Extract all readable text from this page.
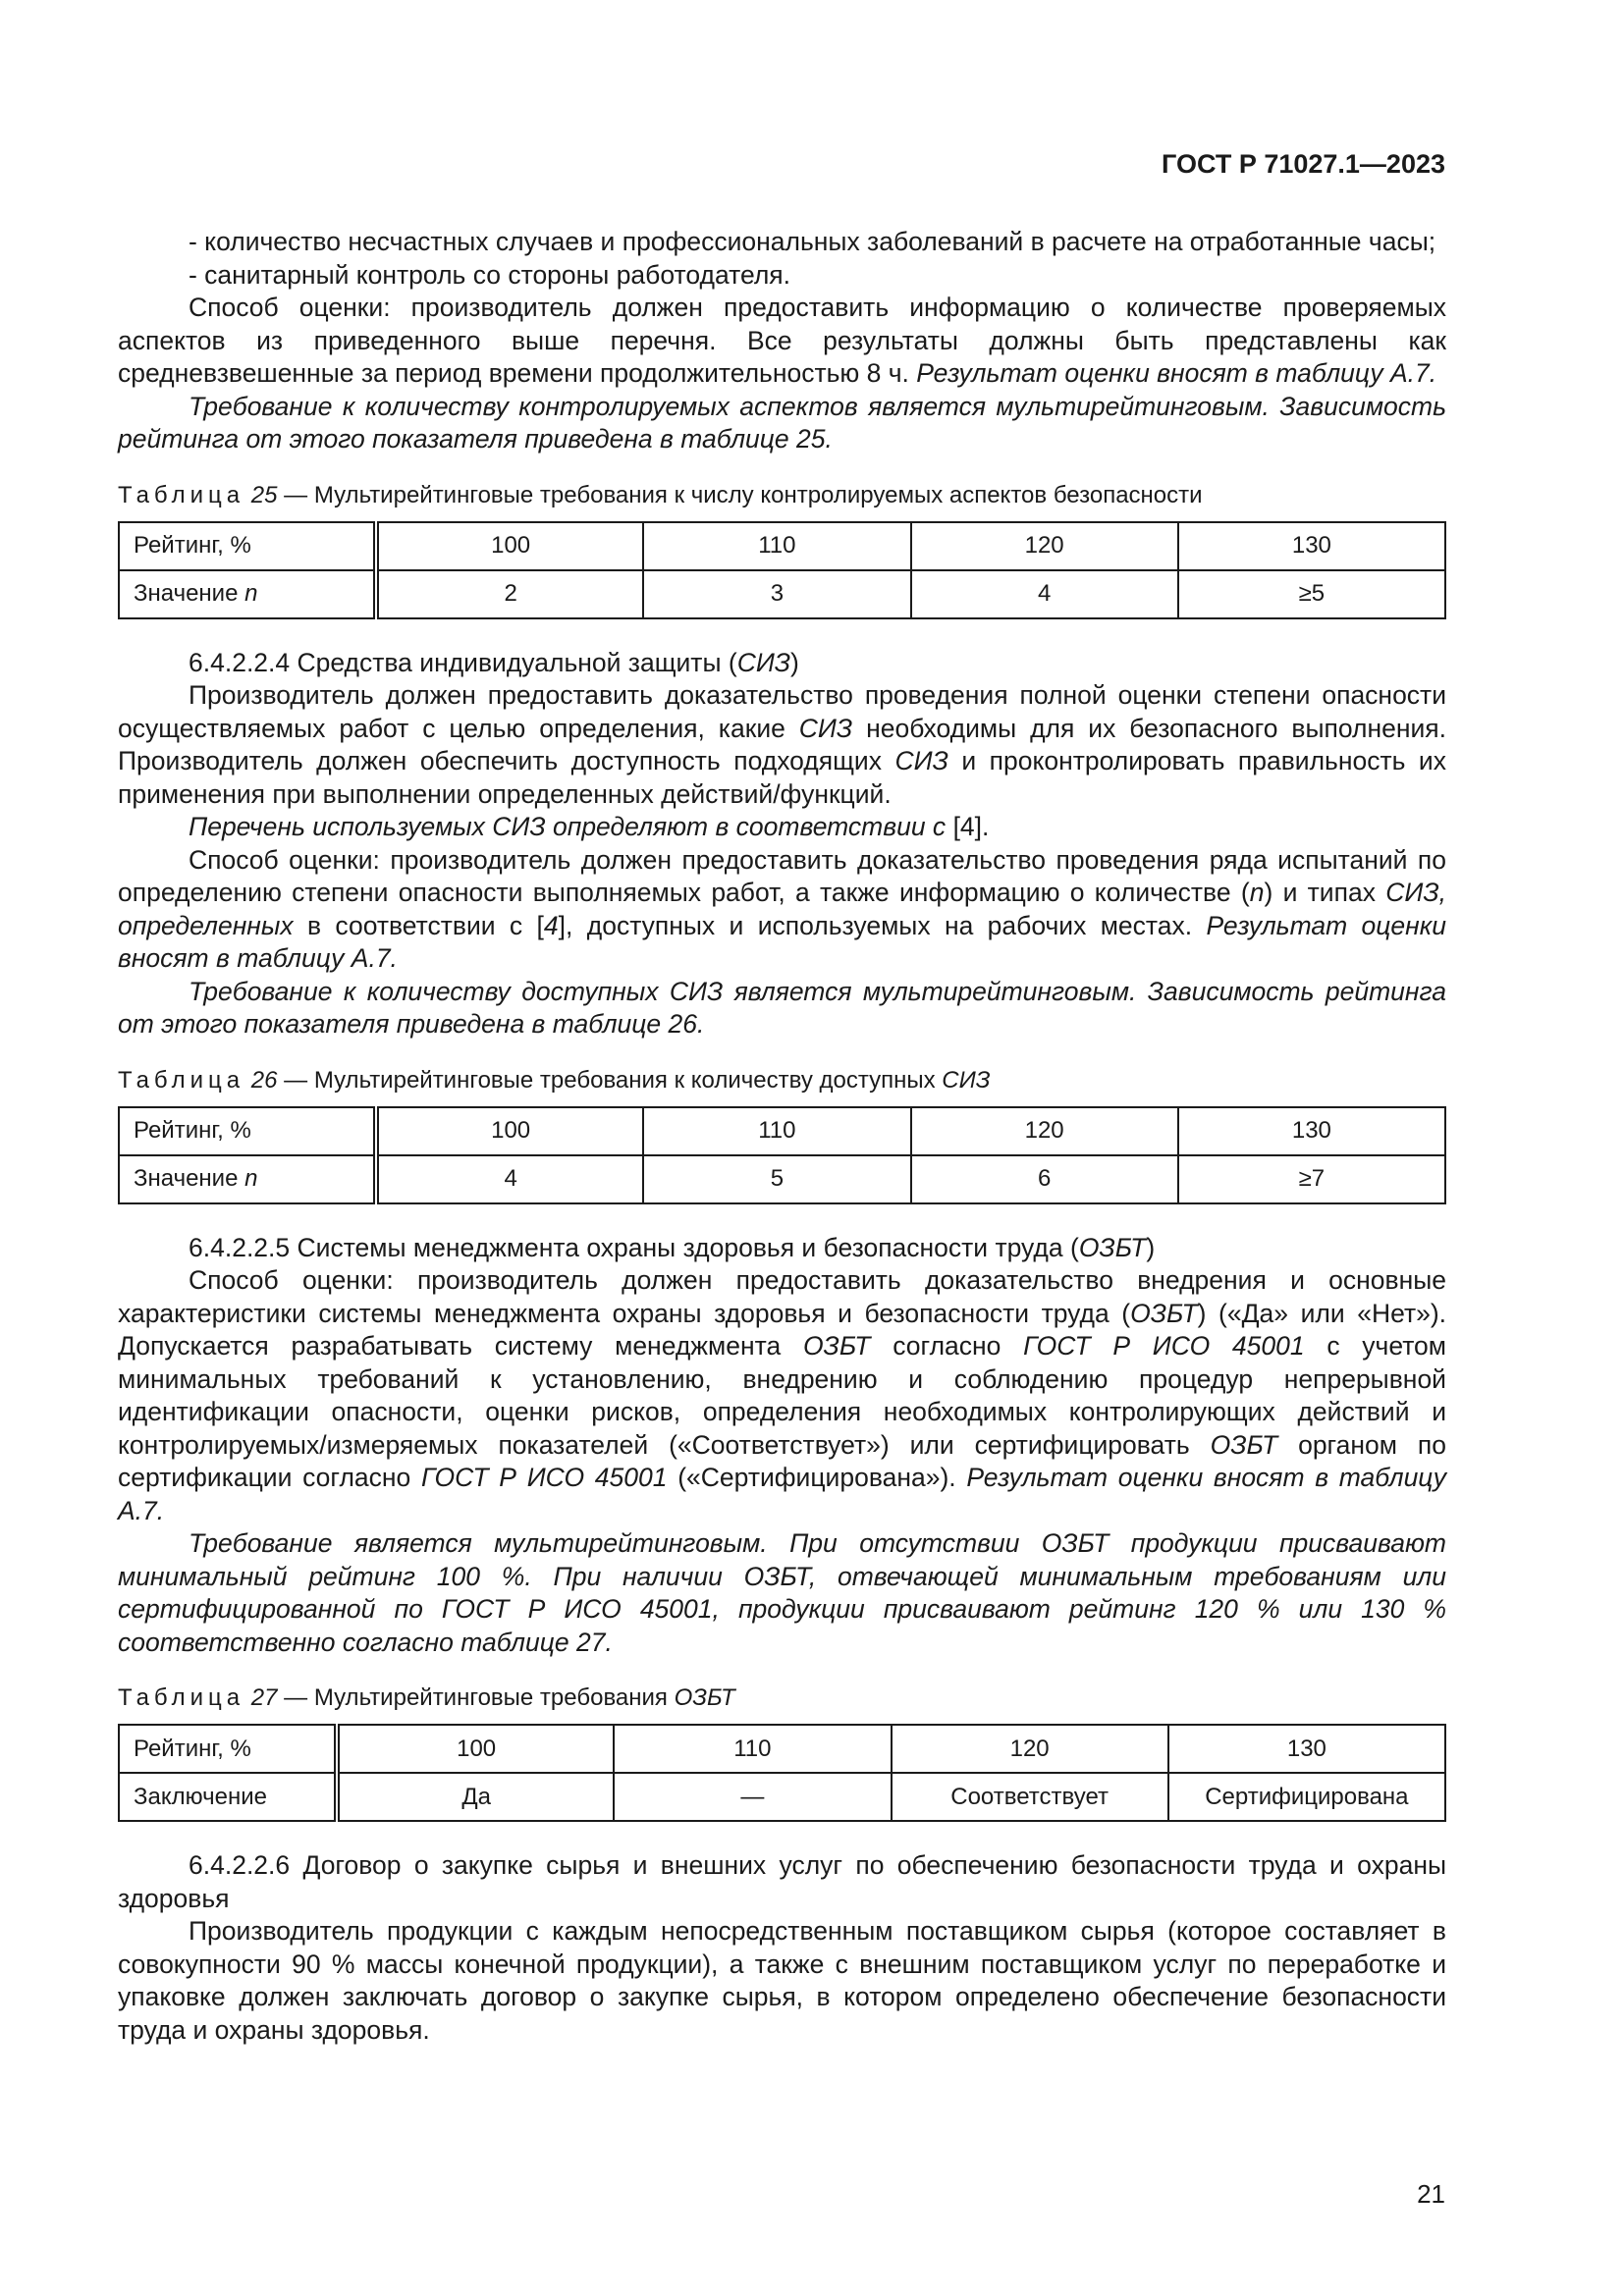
ГОСТ Р 71027.1—2023

- количество несчастных случаев и профессиональных заболеваний в расчете на отработанные часы;

- санитарный контроль со стороны работодателя.

Способ оценки: производитель должен предоставить информацию о количестве проверяемых аспектов из приведенного выше перечня. Все результаты должны быть представлены как средневзвешенные за период времени продолжительностью 8 ч. Результат оценки вносят в таблицу А.7.

Требование к количеству контролируемых аспектов является мультирейтинговым. Зависимость рейтинга от этого показателя приведена в таблице 25.

Таблица 25 — Мультирейтинговые требования к числу контролируемых аспектов безопасности

Рейтинг, %	100	110	120	130
Значение n	2	3	4	≥5

6.4.2.2.4 Средства индивидуальной защиты (СИЗ)

Производитель должен предоставить доказательство проведения полной оценки степени опасности осуществляемых работ с целью определения, какие СИЗ необходимы для их безопасного выполнения. Производитель должен обеспечить доступность подходящих СИЗ и проконтролировать правильность их применения при выполнении определенных действий/функций.

Перечень используемых СИЗ определяют в соответствии с [4].

Способ оценки: производитель должен предоставить доказательство проведения ряда испытаний по определению степени опасности выполняемых работ, а также информацию о количестве (n) и типах СИЗ, определенных в соответствии с [4], доступных и используемых на рабочих местах. Результат оценки вносят в таблицу А.7.

Требование к количеству доступных СИЗ является мультирейтинговым. Зависимость рейтинга от этого показателя приведена в таблице 26.

Таблица 26 — Мультирейтинговые требования к количеству доступных СИЗ

Рейтинг, %	100	110	120	130
Значение n	4	5	6	≥7

6.4.2.2.5 Системы менеджмента охраны здоровья и безопасности труда (ОЗБТ)

Способ оценки: производитель должен предоставить доказательство внедрения и основные характеристики системы менеджмента охраны здоровья и безопасности труда (ОЗБТ) («Да» или «Нет»). Допускается разрабатывать систему менеджмента ОЗБТ согласно ГОСТ Р ИСО 45001 с учетом минимальных требований к установлению, внедрению и соблюдению процедур непрерывной идентификации опасности, оценки рисков, определения необходимых контролирующих действий и контролируемых/измеряемых показателей («Соответствует») или сертифицировать ОЗБТ органом по сертификации согласно ГОСТ Р ИСО 45001 («Сертифицирована»). Результат оценки вносят в таблицу А.7.

Требование является мультирейтинговым. При отсутствии ОЗБТ продукции присваивают минимальный рейтинг 100 %. При наличии ОЗБТ, отвечающей минимальным требованиям или сертифицированной по ГОСТ Р ИСО 45001, продукции присваивают рейтинг 120 % или 130 % соответственно согласно таблице 27.

Таблица 27 — Мультирейтинговые требования ОЗБТ

Рейтинг, %	100	110	120	130
Заключение	Да	—	Соответствует	Сертифицирована

6.4.2.2.6 Договор о закупке сырья и внешних услуг по обеспечению безопасности труда и охраны здоровья

Производитель продукции с каждым непосредственным поставщиком сырья (которое составляет в совокупности 90 % массы конечной продукции), а также с внешним поставщиком услуг по переработке и упаковке должен заключать договор о закупке сырья, в котором определено обеспечение безопасности труда и охраны здоровья.

21
